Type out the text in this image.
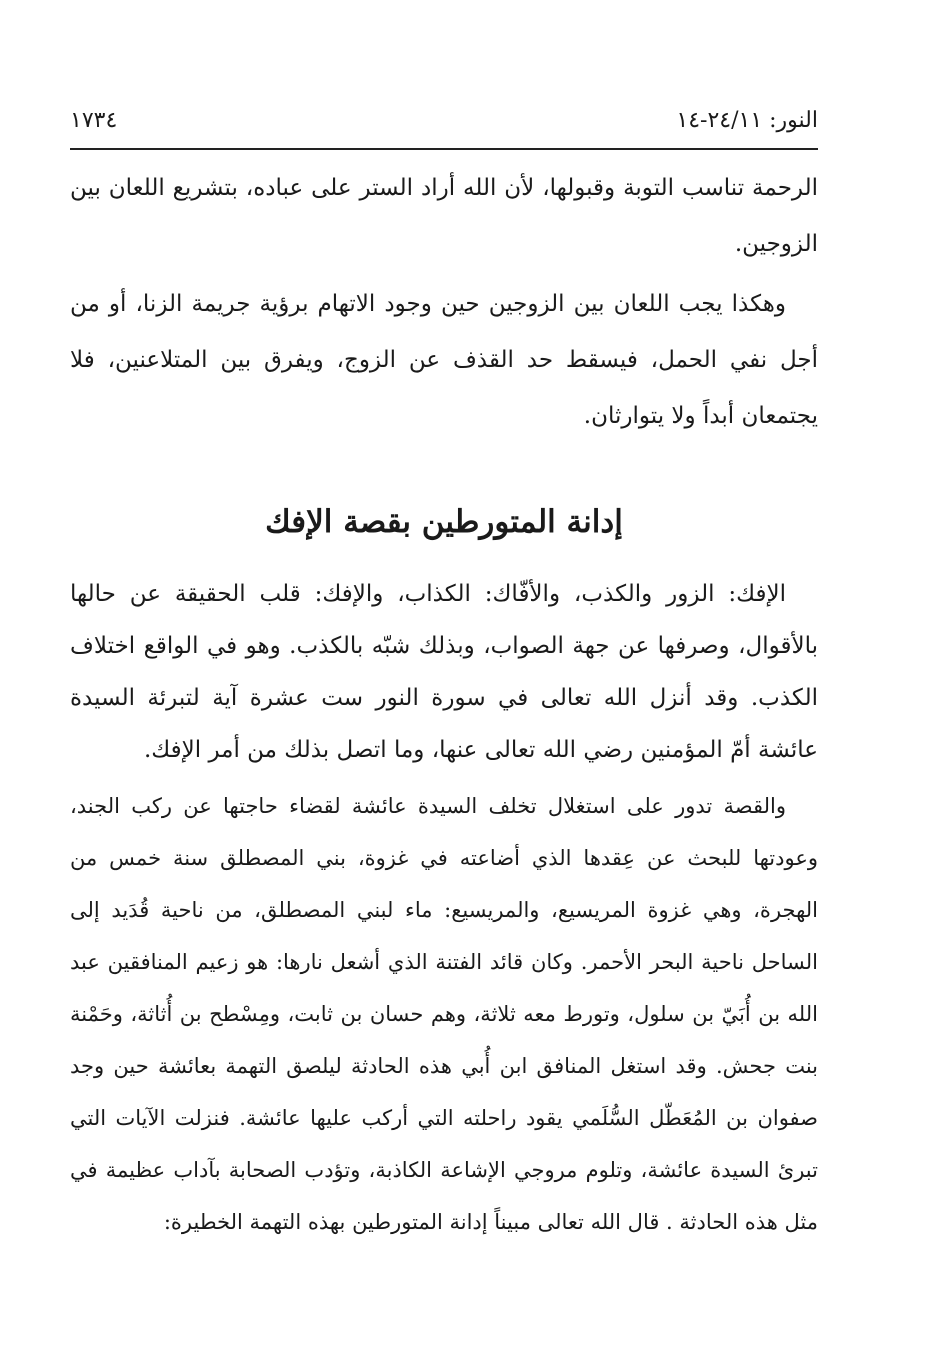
النور: ٢٤/١١-١٤
١٧٣٤

الرحمة تناسب التوبة وقبولها، لأن الله أراد الستر على عباده، بتشريع اللعان بين الزوجين.

وهكذا يجب اللعان بين الزوجين حين وجود الاتهام برؤية جريمة الزنا، أو من أجل نفي الحمل، فيسقط حد القذف عن الزوج، ويفرق بين المتلاعنين، فلا يجتمعان أبداً ولا يتوارثان.

إدانة المتورطين بقصة الإفك

الإفك: الزور والكذب، والأفّاك: الكذاب، والإفك: قلب الحقيقة عن حالها بالأقوال، وصرفها عن جهة الصواب، وبذلك شبّه بالكذب. وهو في الواقع اختلاف الكذب. وقد أنزل الله تعالى في سورة النور ست عشرة آية لتبرئة السيدة عائشة أمّ المؤمنين رضي الله تعالى عنها، وما اتصل بذلك من أمر الإفك.

والقصة تدور على استغلال تخلف السيدة عائشة لقضاء حاجتها عن ركب الجند، وعودتها للبحث عن عِقدها الذي أضاعته في غزوة، بني المصطلق سنة خمس من الهجرة، وهي غزوة المريسيع، والمريسيع: ماء لبني المصطلق، من ناحية قُدَيد إلى الساحل ناحية البحر الأحمر. وكان قائد الفتنة الذي أشعل نارها: هو زعيم المنافقين عبد الله بن أُبَيّ بن سلول، وتورط معه ثلاثة، وهم حسان بن ثابت، ومِسْطح بن أُثاثة، وحَمْنة بنت جحش. وقد استغل المنافق ابن أُبي هذه الحادثة ليلصق التهمة بعائشة حين وجد صفوان بن المُعَطّل السُّلَمي يقود راحلته التي أركب عليها عائشة. فنزلت الآيات التي تبرئ السيدة عائشة، وتلوم مروجي الإشاعة الكاذبة، وتؤدب الصحابة بآداب عظيمة في مثل هذه الحادثة . قال الله تعالى مبيناً إدانة المتورطين بهذه التهمة الخطيرة:
